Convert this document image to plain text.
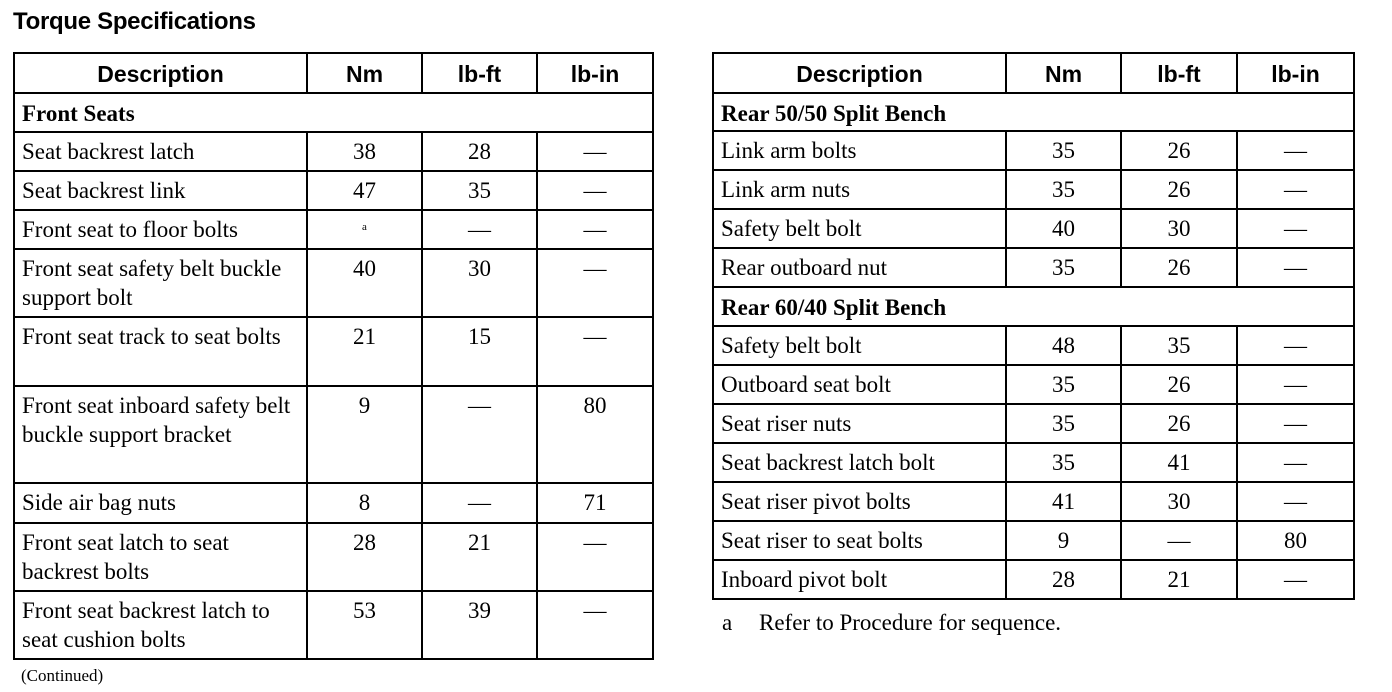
Torque Specifications
Description	Nm	lb-ft	lb-in
Front Seats			
Seat backrest latch	38	28	—
Seat backrest link	47	35	—
Front seat to floor bolts	$^a$	—	—
Front seat safety belt buckle support bolt	40	30	—
Front seat track to seat bolts	21	15	—
Front seat inboard safety belt buckle support bracket	9	—	80
Side air bag nuts	8	—	71
Front seat latch to seat backrest bolts	28	21	—
Front seat backrest latch to seat cushion bolts	53	39	—
Description	Nm	lb-ft	lb-in
Rear 50/50 Split Bench			
Link arm bolts	35	26	—
Link arm nuts	35	26	—
Safety belt bolt	40	30	—
Rear outboard nut	35	26	—
Rear 60/40 Split Bench			
Safety belt bolt	48	35	—
Outboard seat bolt	35	26	—
Seat riser nuts	35	26	—
Seat backrest latch bolt	35	41	—
Seat riser pivot bolts	41	30	—
Seat riser to seat bolts	9	—	80
Inboard pivot bolt	28	21	—
a Refer to Procedure for sequence.
(Continued)
